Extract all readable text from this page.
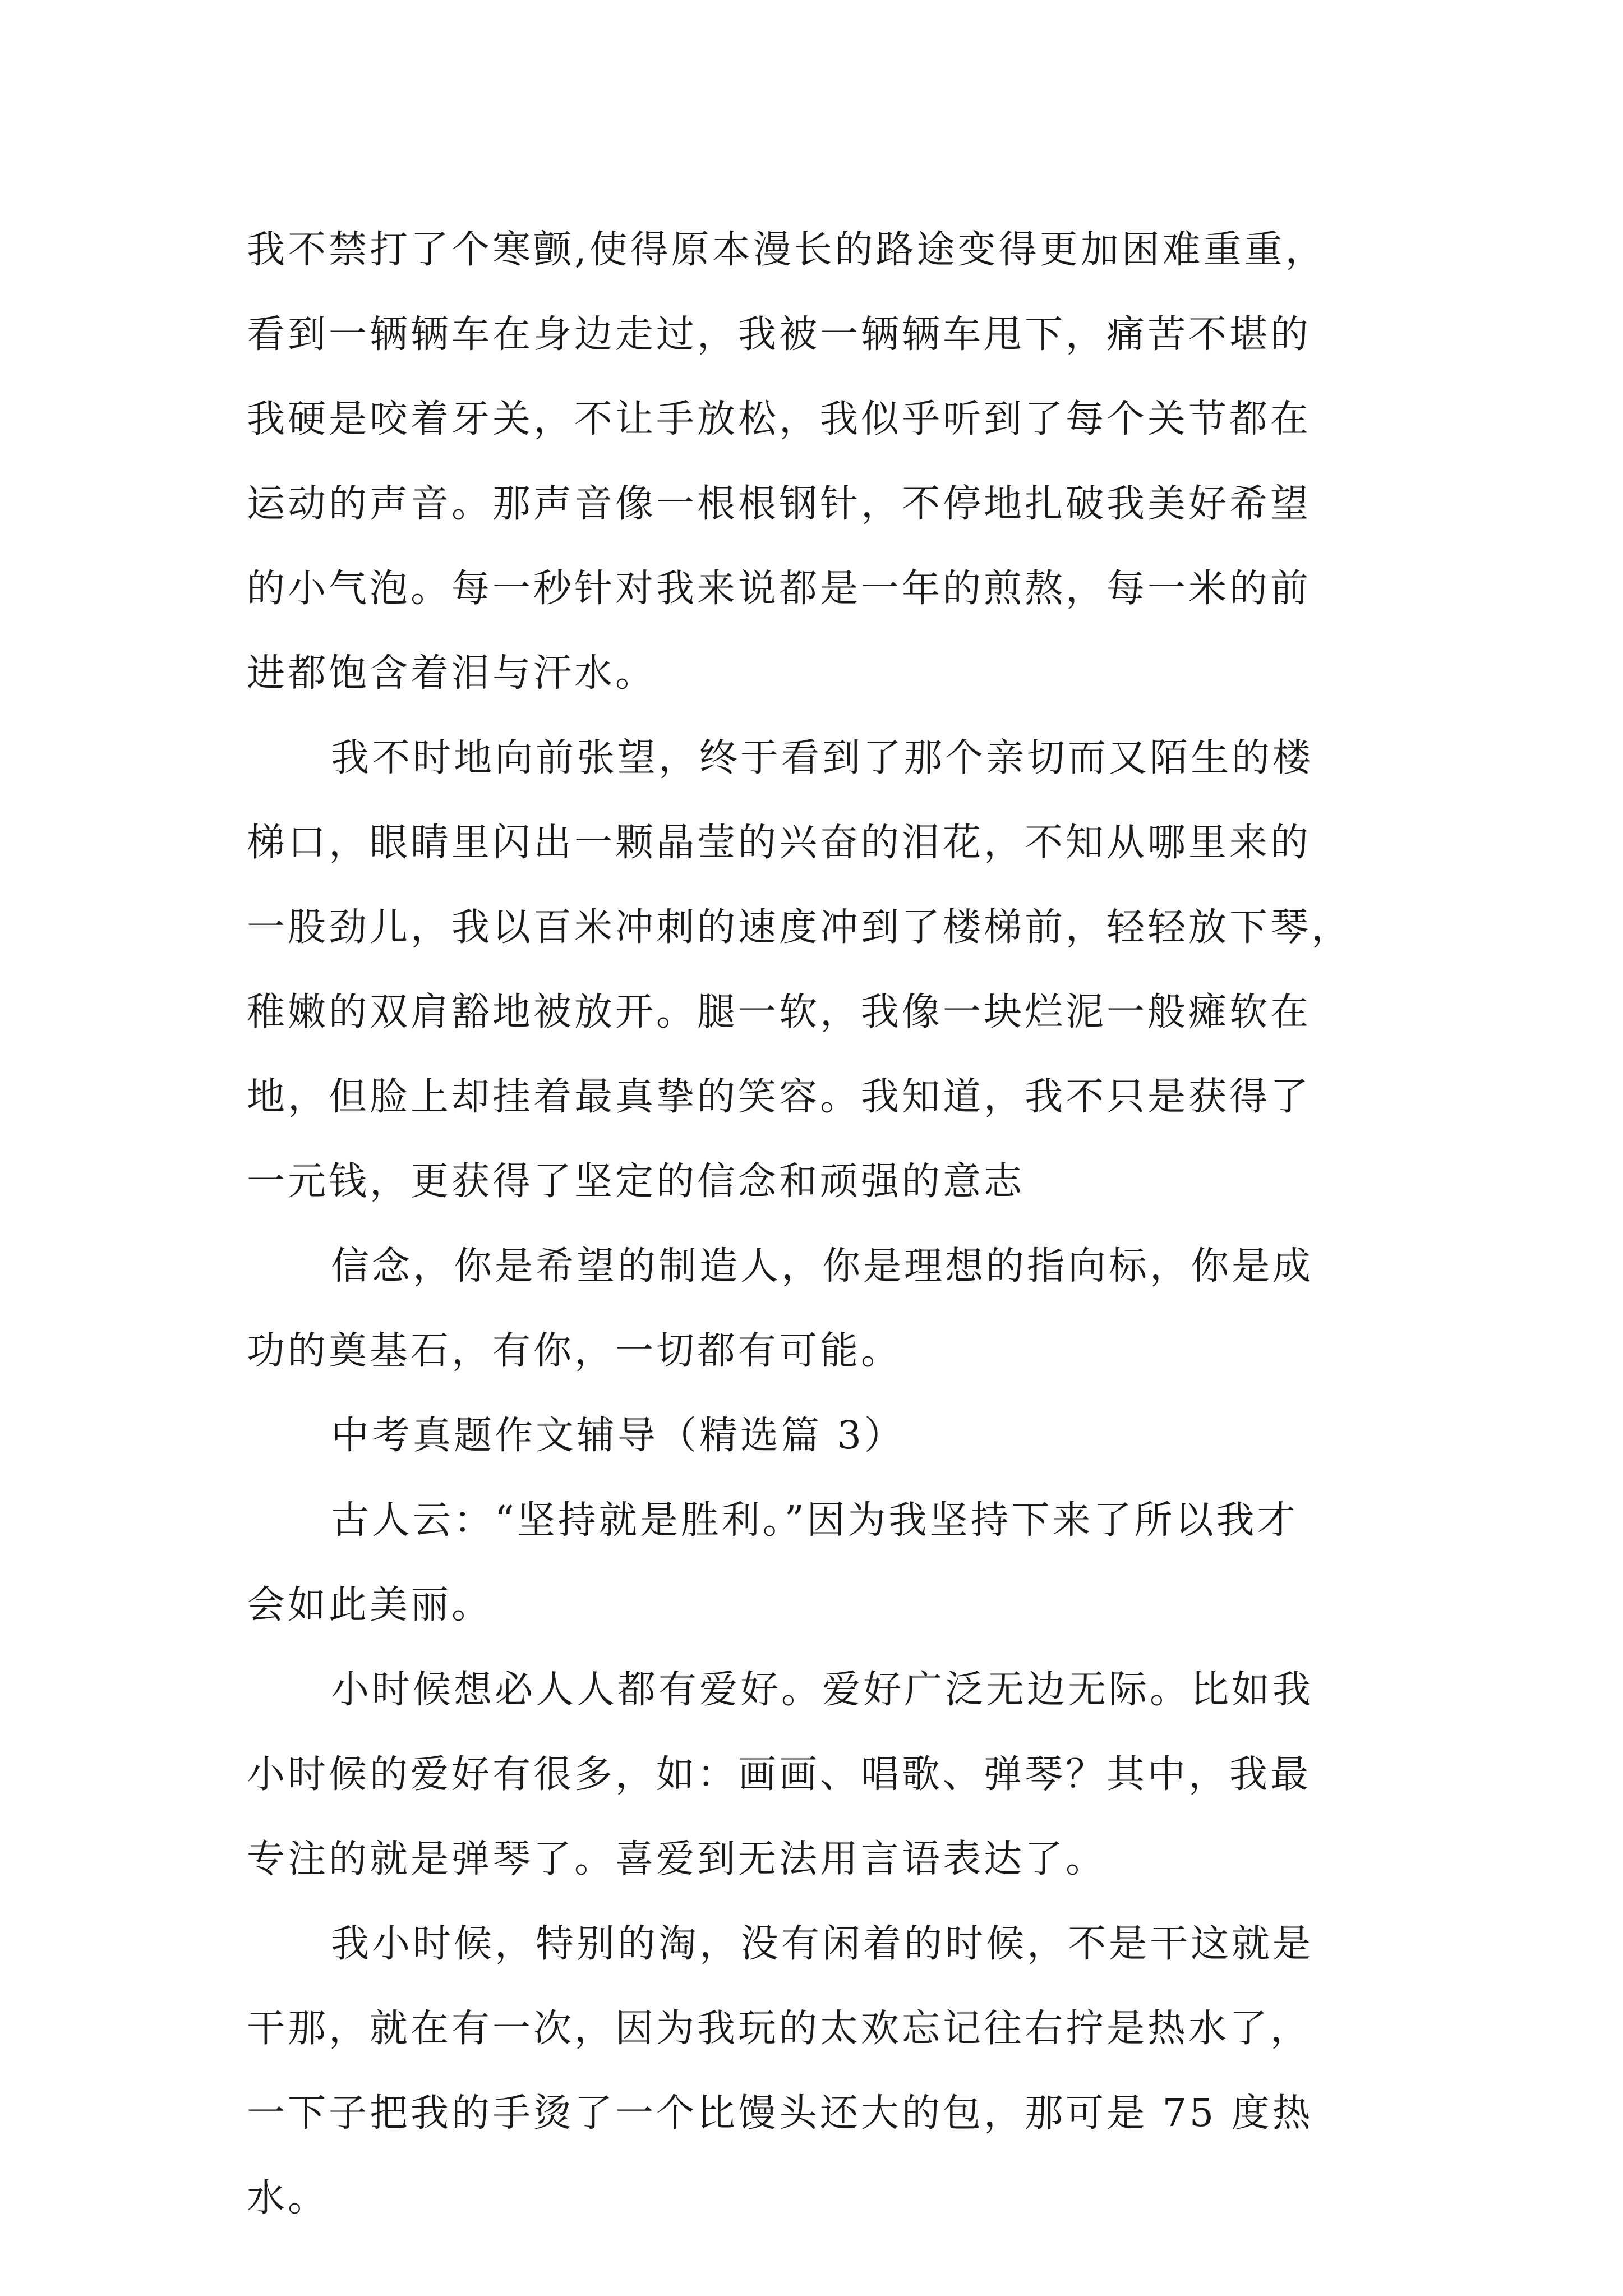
我不禁打了个寒颤,使得原本漫长的路途变得更加困难重重，
看到一辆辆车在身边走过，我被一辆辆车甩下，痛苦不堪的
我硬是咬着牙关，不让手放松，我似乎听到了每个关节都在
运动的声音。那声音像一根根钢针，不停地扎破我美好希望
的小气泡。每一秒针对我来说都是一年的煎熬，每一米的前
进都饱含着泪与汗水。
我不时地向前张望，终于看到了那个亲切而又陌生的楼
梯口，眼睛里闪出一颗晶莹的兴奋的泪花，不知从哪里来的
一股劲儿，我以百米冲刺的速度冲到了楼梯前，轻轻放下琴，
稚嫩的双肩豁地被放开。腿一软，我像一块烂泥一般瘫软在
地，但脸上却挂着最真挚的笑容。我知道，我不只是获得了
一元钱，更获得了坚定的信念和顽强的意志
信念，你是希望的制造人，你是理想的指向标，你是成
功的奠基石，有你，一切都有可能。
中考真题作文辅导（精选篇 3）
古人云：“坚持就是胜利。”因为我坚持下来了所以我才
会如此美丽。
小时候想必人人都有爱好。爱好广泛无边无际。比如我
小时候的爱好有很多，如：画画、唱歌、弹琴？其中，我最
专注的就是弹琴了。喜爱到无法用言语表达了。
我小时候，特别的淘，没有闲着的时候，不是干这就是
干那，就在有一次，因为我玩的太欢忘记往右拧是热水了，
一下子把我的手烫了一个比馒头还大的包，那可是 75 度热
水。
